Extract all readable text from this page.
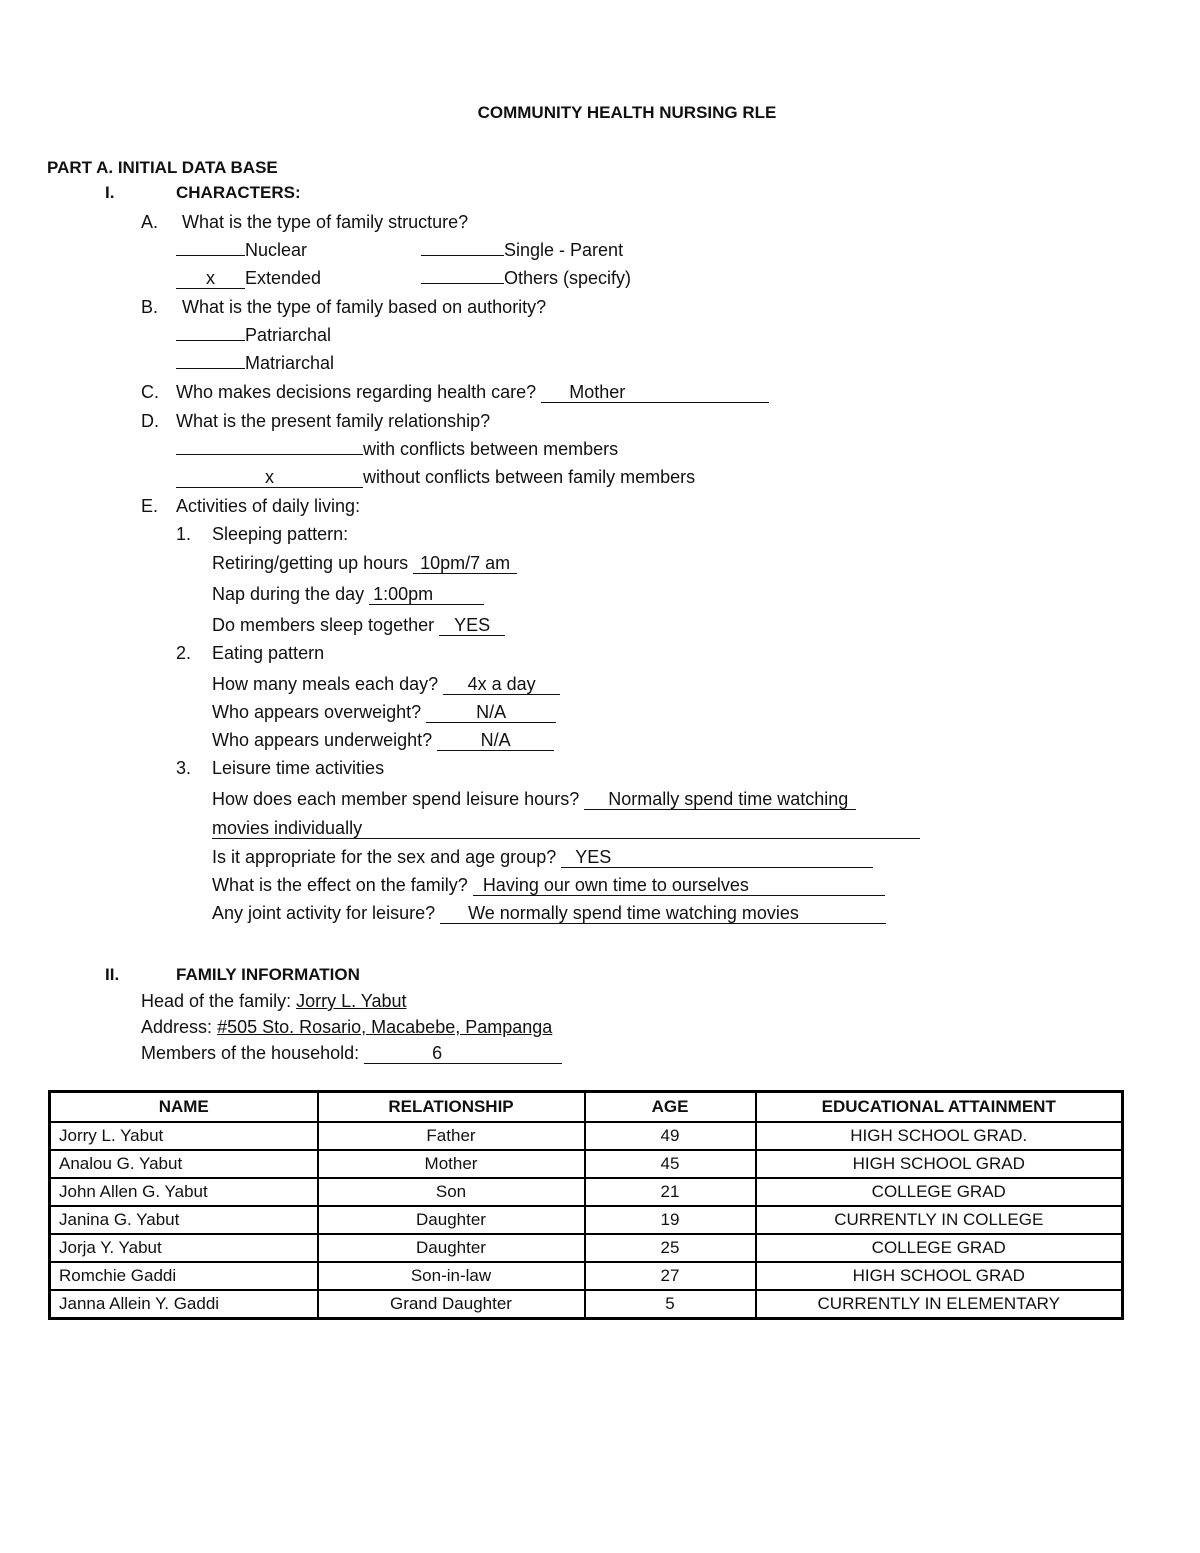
COMMUNITY HEALTH NURSING RLE
PART A. INITIAL DATA BASE
I.	CHARACTERS:
A. What is the type of family structure?
Nuclear	Single - Parent
x Extended	Others (specify)
B. What is the type of family based on authority?
Patriarchal
Matriarchal
C. Who makes decisions regarding health care? Mother
D. What is the present family relationship?
with conflicts between members
x	without conflicts between family members
E. Activities of daily living:
1. Sleeping pattern:
Retiring/getting up hours 10pm/7 am
Nap during the day 1:00pm
Do members sleep together YES
2. Eating pattern
How many meals each day? 4x a day
Who appears overweight?	N/A
Who appears underweight?	N/A
3. Leisure time activities
How does each member spend leisure hours? Normally spend time watching
movies individually
Is it appropriate for the sex and age group? YES
What is the effect on the family? Having our own time to ourselves
Any joint activity for leisure? We normally spend time watching movies
II.	FAMILY INFORMATION
Head of the family: Jorry L. Yabut
Address: #505 Sto. Rosario, Macabebe, Pampanga
Members of the household:	6
NAME	RELATIONSHIP	AGE	EDUCATIONAL ATTAINMENT
Jorry L. Yabut	Father	49	HIGH SCHOOL GRAD.
Analou G. Yabut	Mother	45	HIGH SCHOOL GRAD
John Allen G. Yabut	Son	21	COLLEGE GRAD
Janina G. Yabut	Daughter	19	CURRENTLY IN COLLEGE
Jorja Y. Yabut	Daughter	25	COLLEGE GRAD
Romchie Gaddi	Son-in-law	27	HIGH SCHOOL GRAD
Janna Allein Y. Gaddi	Grand Daughter	5	CURRENTLY IN ELEMENTARY
